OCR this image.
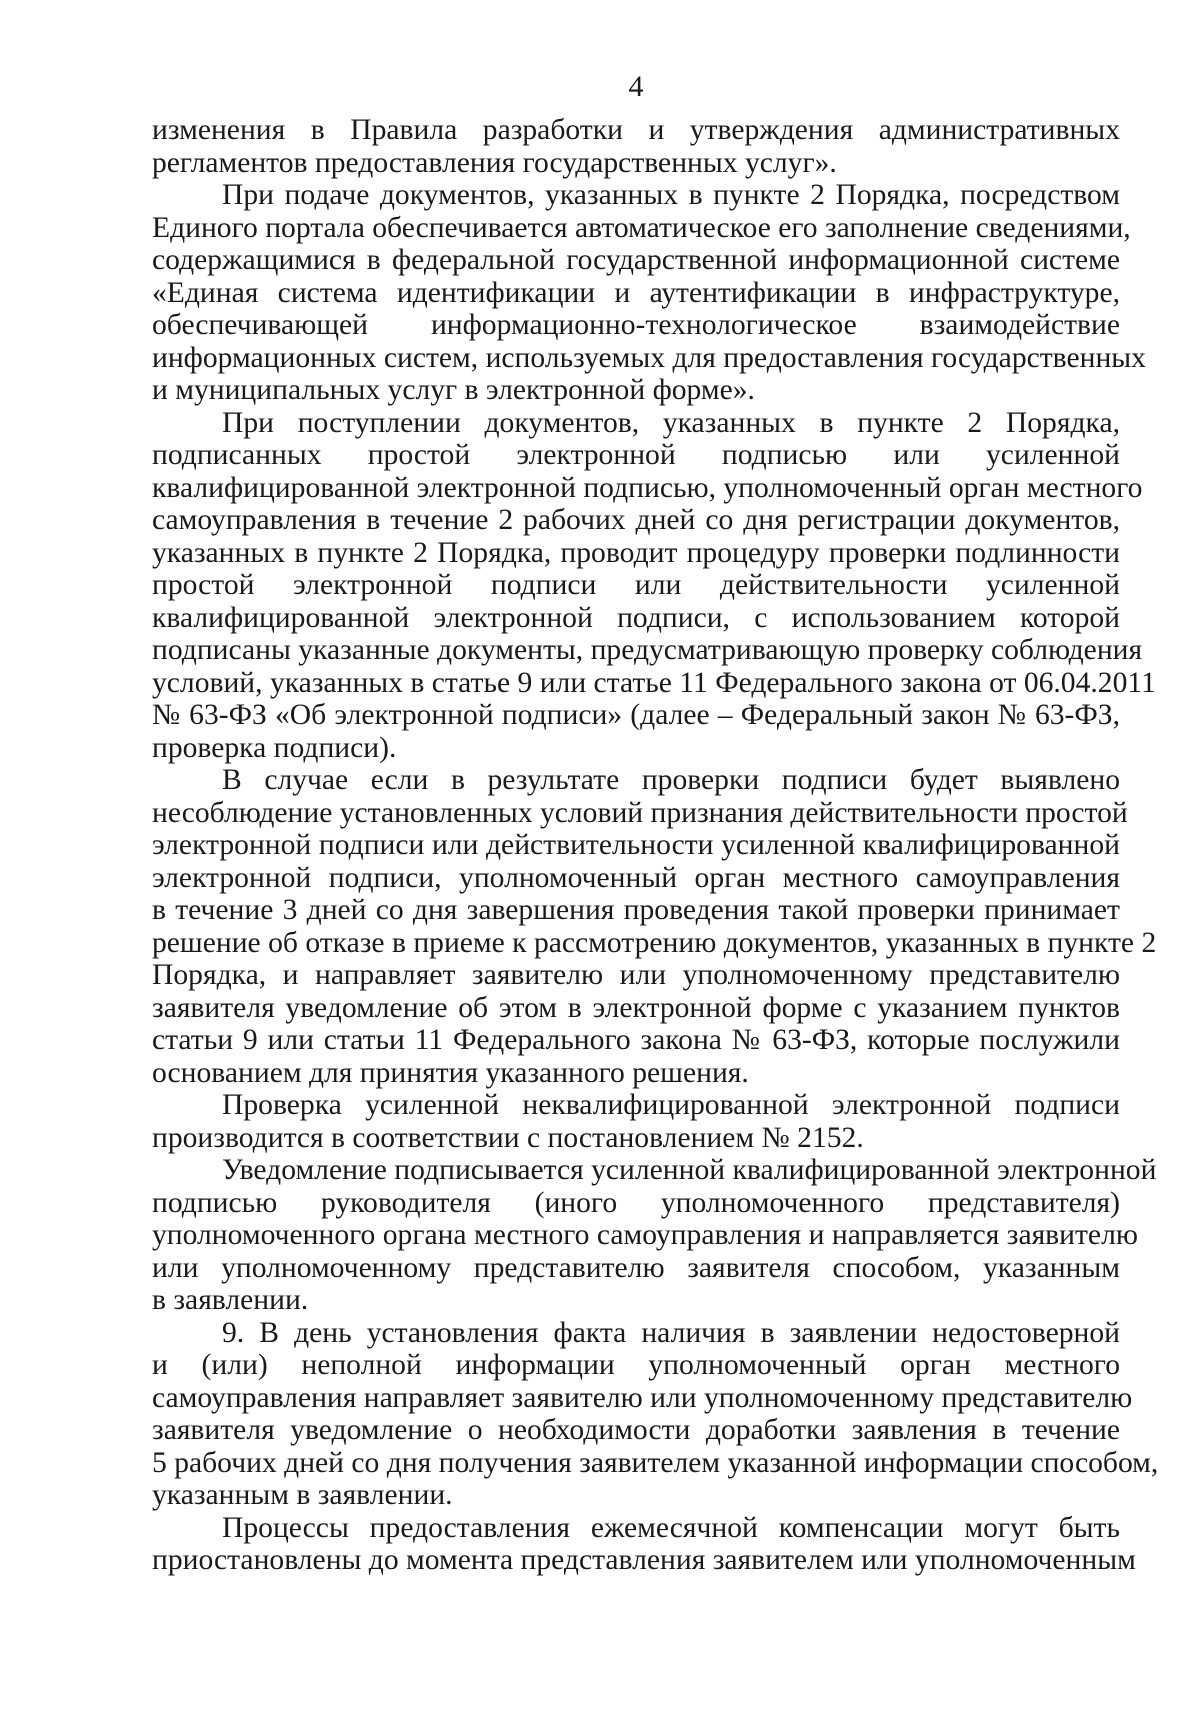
4
изменения в Правила разработки и утверждения административных
регламентов предоставления государственных услуг».
При подаче документов, указанных в пункте 2 Порядка, посредством
Единого портала обеспечивается автоматическое его заполнение сведениями,
содержащимися в федеральной государственной информационной системе
«Единая система идентификации и аутентификации в инфраструктуре,
обеспечивающей информационно-технологическое взаимодействие
информационных систем, используемых для предоставления государственных
и муниципальных услуг в электронной форме».
При поступлении документов, указанных в пункте 2 Порядка,
подписанных простой электронной подписью или усиленной
квалифицированной электронной подписью, уполномоченный орган местного
самоуправления в течение 2 рабочих дней со дня регистрации документов,
указанных в пункте 2 Порядка, проводит процедуру проверки подлинности
простой электронной подписи или действительности усиленной
квалифицированной электронной подписи, с использованием которой
подписаны указанные документы, предусматривающую проверку соблюдения
условий, указанных в статье 9 или статье 11 Федерального закона от 06.04.2011
№ 63-ФЗ «Об электронной подписи» (далее – Федеральный закон № 63-ФЗ,
проверка подписи).
В случае если в результате проверки подписи будет выявлено
несоблюдение установленных условий признания действительности простой
электронной подписи или действительности усиленной квалифицированной
электронной подписи, уполномоченный орган местного самоуправления
в течение 3 дней со дня завершения проведения такой проверки принимает
решение об отказе в приеме к рассмотрению документов, указанных в пункте 2
Порядка, и направляет заявителю или уполномоченному представителю
заявителя уведомление об этом в электронной форме с указанием пунктов
статьи 9 или статьи 11 Федерального закона № 63-ФЗ, которые послужили
основанием для принятия указанного решения.
Проверка усиленной неквалифицированной электронной подписи
производится в соответствии с постановлением № 2152.
Уведомление подписывается усиленной квалифицированной электронной
подписью руководителя (иного уполномоченного представителя)
уполномоченного органа местного самоуправления и направляется заявителю
или уполномоченному представителю заявителя способом, указанным
в заявлении.
9. В день установления факта наличия в заявлении недостоверной
и (или) неполной информации уполномоченный орган местного
самоуправления направляет заявителю или уполномоченному представителю
заявителя уведомление о необходимости доработки заявления в течение
5 рабочих дней со дня получения заявителем указанной информации способом,
указанным в заявлении.
Процессы предоставления ежемесячной компенсации могут быть
приостановлены до момента представления заявителем или уполномоченным
